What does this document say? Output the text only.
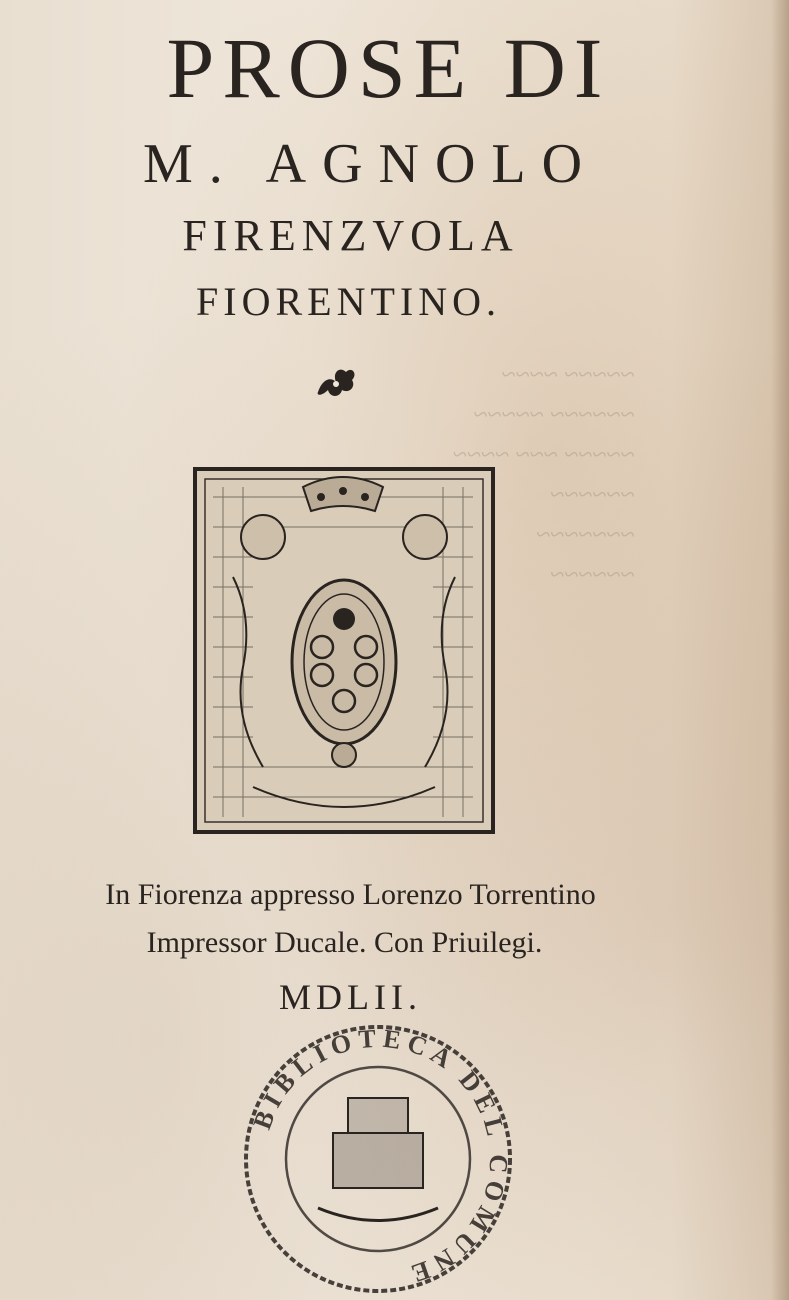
~~~~~ ~~~~
~~~~~~ ~~~~~
~~~~~ ~~~ ~~~~
~~~~~~
~~~~~~~
~~~~~~
PROSE DI
M. AGNOLO
FIRENZVOLA
FIORENTINO.
In Fiorenza appresso Lorenzo Torrentino
Impressor Ducale. Con Priuilegi.
MDLII.
BIBLIOTECA DEL COMUNE
